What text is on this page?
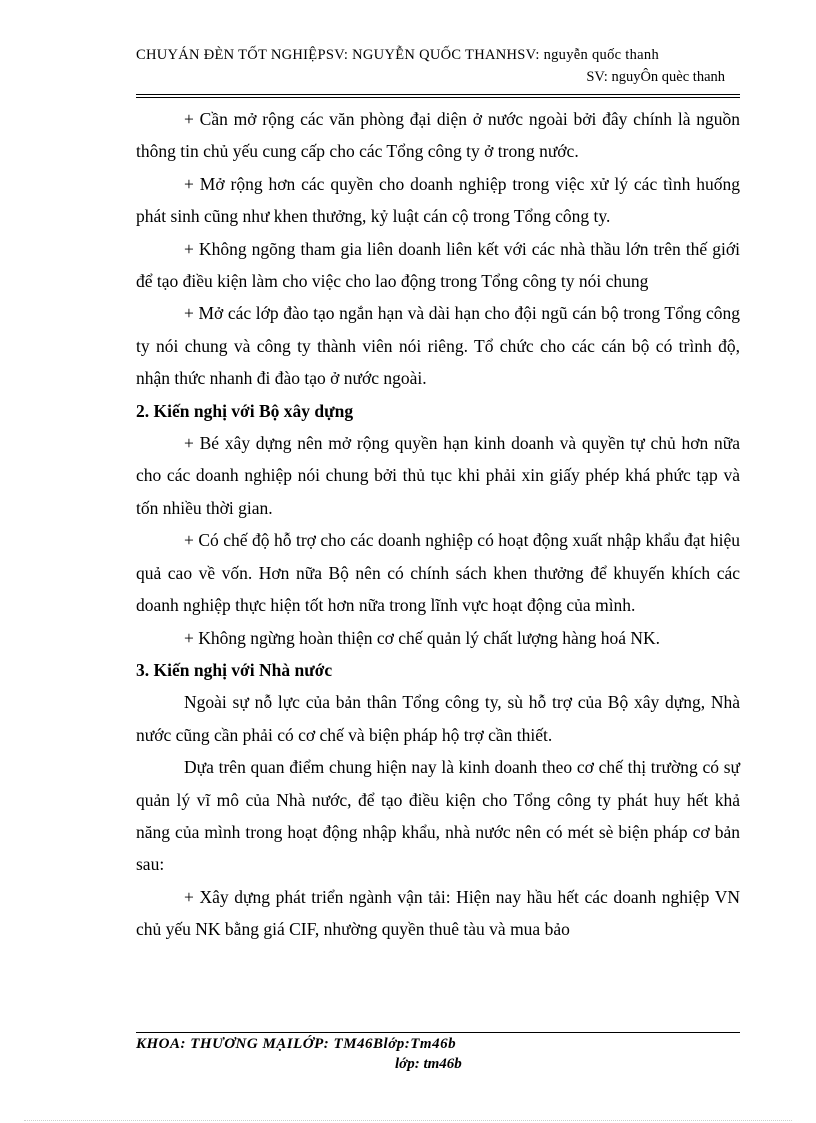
CHUYÁN ĐÈN TỐT NGHIỆPSV: NGUYỄN QUỐC THANHSV: nguyễn quốc thanh
SV: nguyÔn quèc thanh

+ Cần mở rộng các văn phòng đại diện ở nước ngoài bởi đây chính là nguồn thông tin chủ yếu cung cấp cho các Tổng công ty ở trong nước.

+ Mở rộng hơn các quyền cho doanh nghiệp trong việc xử lý các tình huống phát sinh cũng như khen thưởng, kỷ luật cán cộ trong Tổng công ty.

+ Không ngõng tham gia liên doanh liên kết với các nhà thầu lớn trên thế giới để tạo điều kiện làm cho việc cho lao động trong Tổng công ty nói chung

+ Mở các lớp đào tạo ngắn hạn và dài hạn cho đội ngũ cán bộ trong Tổng công ty nói chung và công ty thành viên nói riêng. Tổ chức cho các cán bộ có trình độ, nhận thức nhanh đi đào tạo ở nước ngoài.

2. Kiến nghị với Bộ xây dựng

+ Bé xây dựng nên mở rộng quyền hạn kinh doanh và quyền tự chủ hơn nữa cho các doanh nghiệp nói chung bởi thủ tục khi phải xin giấy phép khá phức tạp và tốn nhiều thời gian.

+ Có chế độ hỗ trợ cho các doanh nghiệp có hoạt động xuất nhập khẩu đạt hiệu quả cao về vốn. Hơn nữa Bộ nên có chính sách khen thưởng để khuyến khích các doanh nghiệp thực hiện tốt hơn nữa trong lĩnh vực hoạt động của mình.

+ Không ngừng hoàn thiện cơ chế quản lý chất lượng hàng hoá NK.

3. Kiến nghị với Nhà nước

Ngoài sự nỗ lực của bản thân Tổng công ty, sù hỗ trợ của Bộ xây dựng, Nhà nước cũng cần phải có cơ chế và biện pháp hộ trợ cần thiết.

Dựa trên quan điểm chung hiện nay là kinh doanh theo cơ chế thị trường có sự quản lý vĩ mô của Nhà nước, để tạo điều kiện cho Tổng công ty phát huy hết khả năng của mình trong hoạt động nhập khẩu, nhà nước nên có mét sè biện pháp cơ bản sau:

+ Xây dựng phát triển ngành vận tải: Hiện nay hầu hết các doanh nghiệp VN chủ yếu NK bằng giá CIF, nhường quyền thuê tàu và mua bảo

KHOA: THƯƠNG MẠILỚP: TM46Blớp:Tm46b
lớp: tm46b
